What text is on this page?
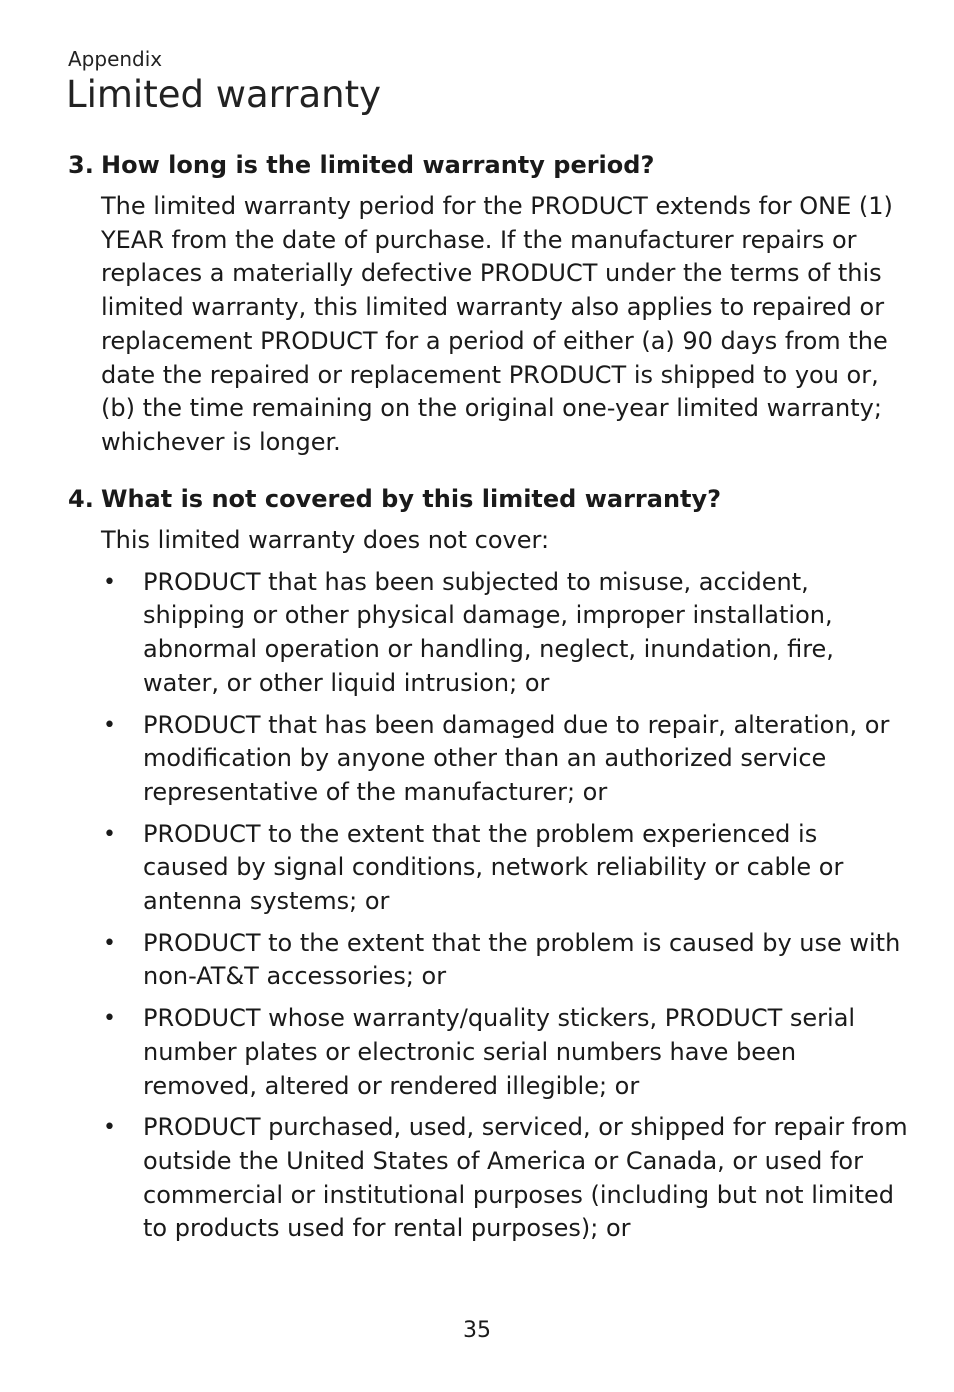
Appendix
Limited warranty
3. How long is the limited warranty period?

The limited warranty period for the PRODUCT extends for ONE (1) YEAR from the date of purchase. If the manufacturer repairs or replaces a materially defective PRODUCT under the terms of this limited warranty, this limited warranty also applies to repaired or replacement PRODUCT for a period of either (a) 90 days from the date the repaired or replacement PRODUCT is shipped to you or, (b) the time remaining on the original one-year limited warranty; whichever is longer.

4. What is not covered by this limited warranty?

This limited warranty does not cover:

•	PRODUCT that has been subjected to misuse, accident, shipping or other physical damage, improper installation, abnormal operation or handling, neglect, inundation, fire, water, or other liquid intrusion; or
•	PRODUCT that has been damaged due to repair, alteration, or modification by anyone other than an authorized service representative of the manufacturer; or
•	PRODUCT to the extent that the problem experienced is caused by signal conditions, network reliability or cable or antenna systems; or
•	PRODUCT to the extent that the problem is caused by use with non-AT&T accessories; or
•	PRODUCT whose warranty/quality stickers, PRODUCT serial number plates or electronic serial numbers have been removed, altered or rendered illegible; or
•	PRODUCT purchased, used, serviced, or shipped for repair from outside the United States of America or Canada, or used for commercial or institutional purposes (including but not limited to products used for rental purposes); or
35
